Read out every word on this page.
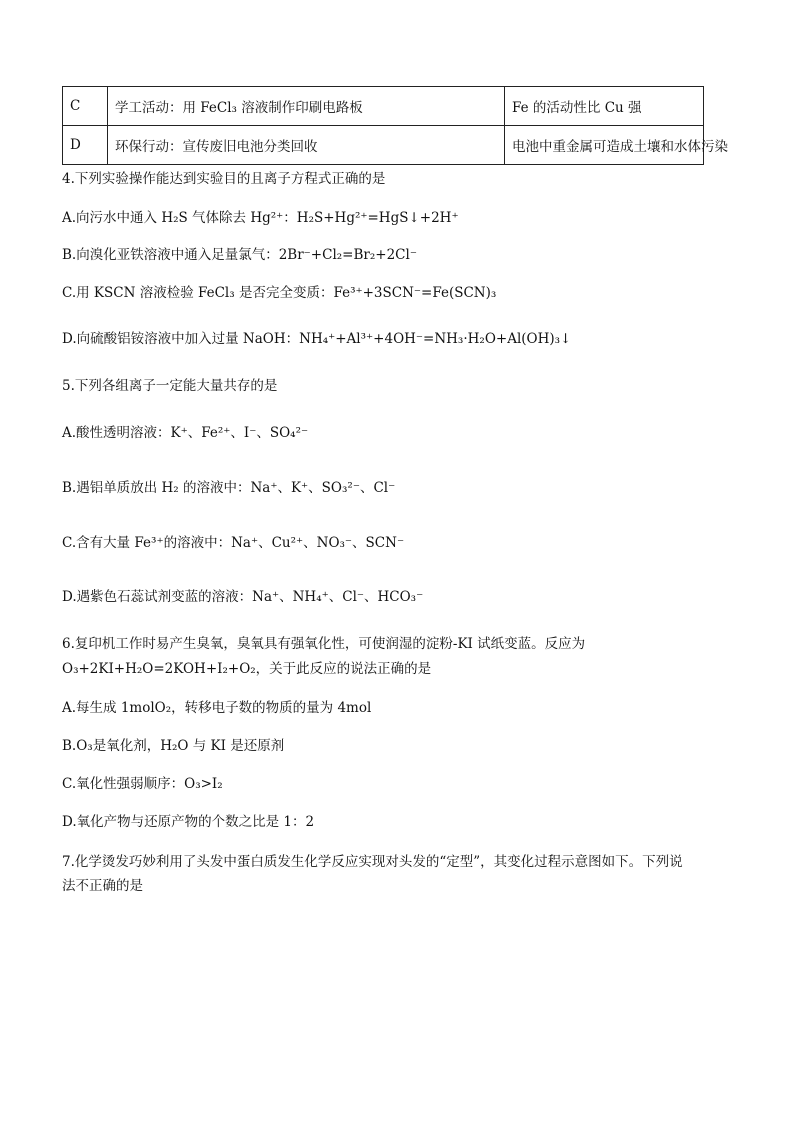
C	学工活动：用 FeCl₃ 溶液制作印刷电路板	Fe 的活动性比 Cu 强
D	环保行动：宣传废旧电池分类回收	电池中重金属可造成土壤和水体污染
4.下列实验操作能达到实验目的且离子方程式正确的是
A.向污水中通入 H₂S 气体除去 Hg²⁺：H₂S+Hg²⁺=HgS↓+2H⁺
B.向溴化亚铁溶液中通入足量氯气：2Br⁻+Cl₂=Br₂+2Cl⁻
C.用 KSCN 溶液检验 FeCl₃ 是否完全变质：Fe³⁺+3SCN⁻=Fe(SCN)₃
D.向硫酸铝铵溶液中加入过量 NaOH：NH₄⁺+Al³⁺+4OH⁻=NH₃·H₂O+Al(OH)₃↓
5.下列各组离子一定能大量共存的是
A.酸性透明溶液：K⁺、Fe²⁺、I⁻、SO₄²⁻
B.遇铝单质放出 H₂ 的溶液中：Na⁺、K⁺、SO₃²⁻、Cl⁻
C.含有大量 Fe³⁺的溶液中：Na⁺、Cu²⁺、NO₃⁻、SCN⁻
D.遇紫色石蕊试剂变蓝的溶液：Na⁺、NH₄⁺、Cl⁻、HCO₃⁻
6.复印机工作时易产生臭氧，臭氧具有强氧化性，可使润湿的淀粉-KI 试纸变蓝。反应为
O₃+2KI+H₂O=2KOH+I₂+O₂，关于此反应的说法正确的是
A.每生成 1molO₂，转移电子数的物质的量为 4mol
B.O₃是氧化剂，H₂O 与 KI 是还原剂
C.氧化性强弱顺序：O₃>I₂
D.氧化产物与还原产物的个数之比是 1：2
7.化学烫发巧妙利用了头发中蛋白质发生化学反应实现对头发的“定型”，其变化过程示意图如下。下列说
法不正确的是
